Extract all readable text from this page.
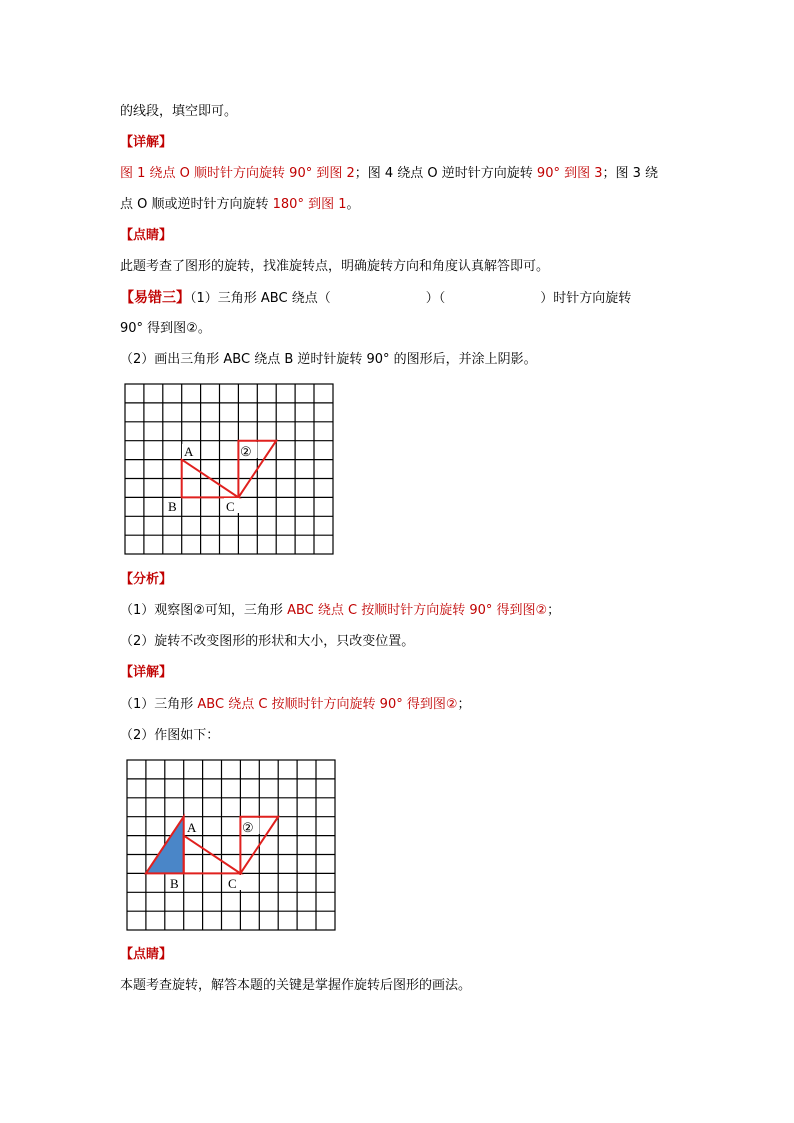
的线段，填空即可。
【详解】
图 1 绕点 O 顺时针方向旋转 90° 到图 2；图 4 绕点 O 逆时针方向旋转 90° 到图 3；图 3 绕
点 O 顺或逆时针方向旋转 180° 到图 1。
【点睛】
此题考查了图形的旋转，找准旋转点，明确旋转方向和角度认真解答即可。
【易错三】（1）三角形 ABC 绕点（	）（	）时针方向旋转
90° 得到图②。
（2）画出三角形 ABC 绕点 B 逆时针旋转 90° 的图形后，并涂上阴影。
A
B	C
②
【分析】
（1）观察图②可知，三角形 ABC 绕点 C 按顺时针方向旋转 90° 得到图②；
（2）旋转不改变图形的形状和大小，只改变位置。
【详解】
（1）三角形 ABC 绕点 C 按顺时针方向旋转 90° 得到图②；
（2）作图如下：
A
B	C
②
【点睛】
本题考查旋转，解答本题的关键是掌握作旋转后图形的画法。
